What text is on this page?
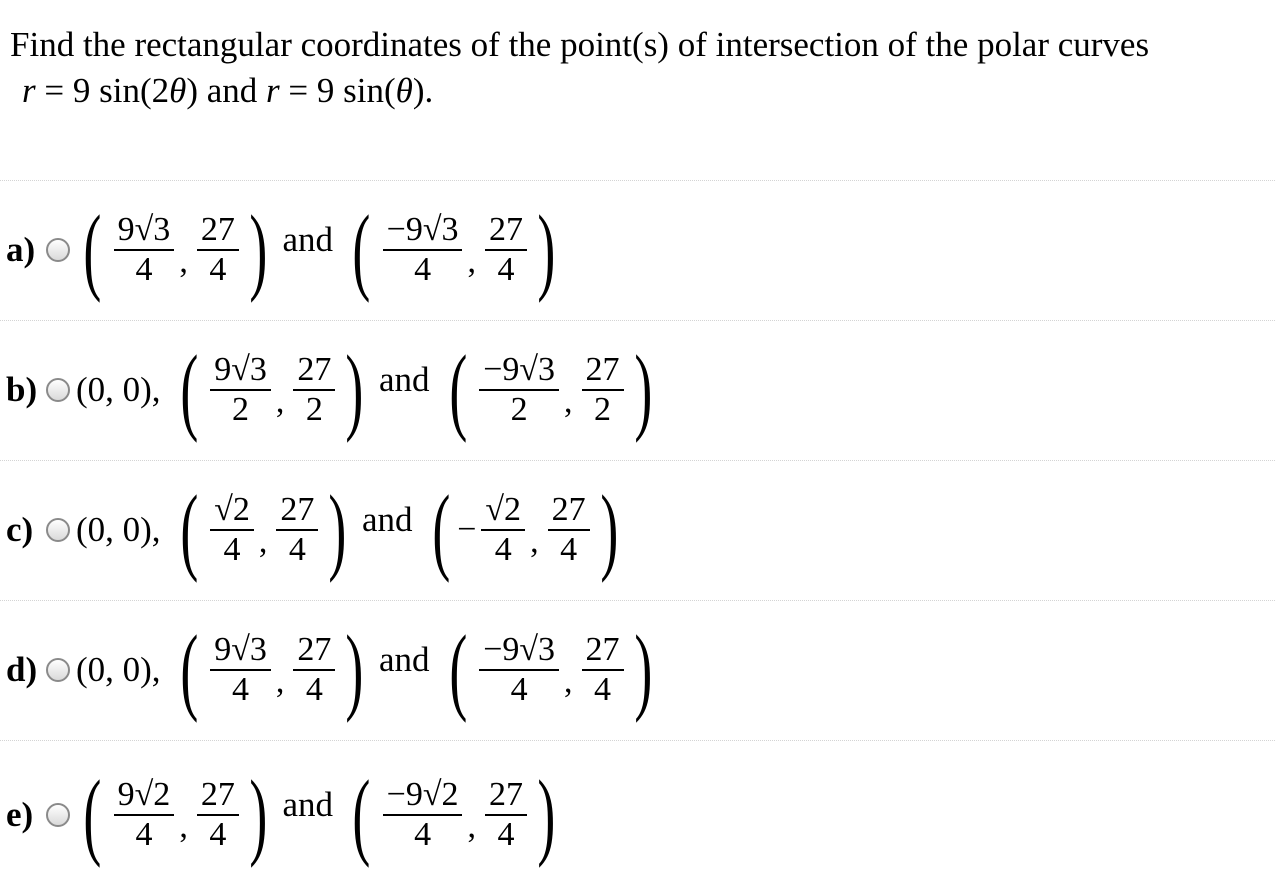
Find the rectangular coordinates of the point(s) of intersection of the polar curves
r = 9 sin(2θ) and r = 9 sin(θ).
a) ( $\frac{9√3}{4}$ , $\frac{27}{4}$ ) and ( $\frac{-9√3}{4}$ , $\frac{27}{4}$ )
b) (0, 0), ( $\frac{9√3}{2}$ , $\frac{27}{2}$ ) and ( $\frac{-9√3}{2}$ , $\frac{27}{2}$ )
c)	(0, 0), ( $\frac{√2}{4}$ , $\frac{27}{4}$ ) and ( − $\frac{√2}{4}$ , $\frac{27}{4}$ )
d) (0, 0), ( $\frac{9√3}{4}$ , $\frac{27}{4}$ ) and ( $\frac{-9√3}{4}$ , $\frac{27}{4}$ )
e) ( $\frac{9√2}{4}$ , $\frac{27}{4}$ ) and ( $\frac{-9√2}{4}$ , $\frac{27}{4}$ )
